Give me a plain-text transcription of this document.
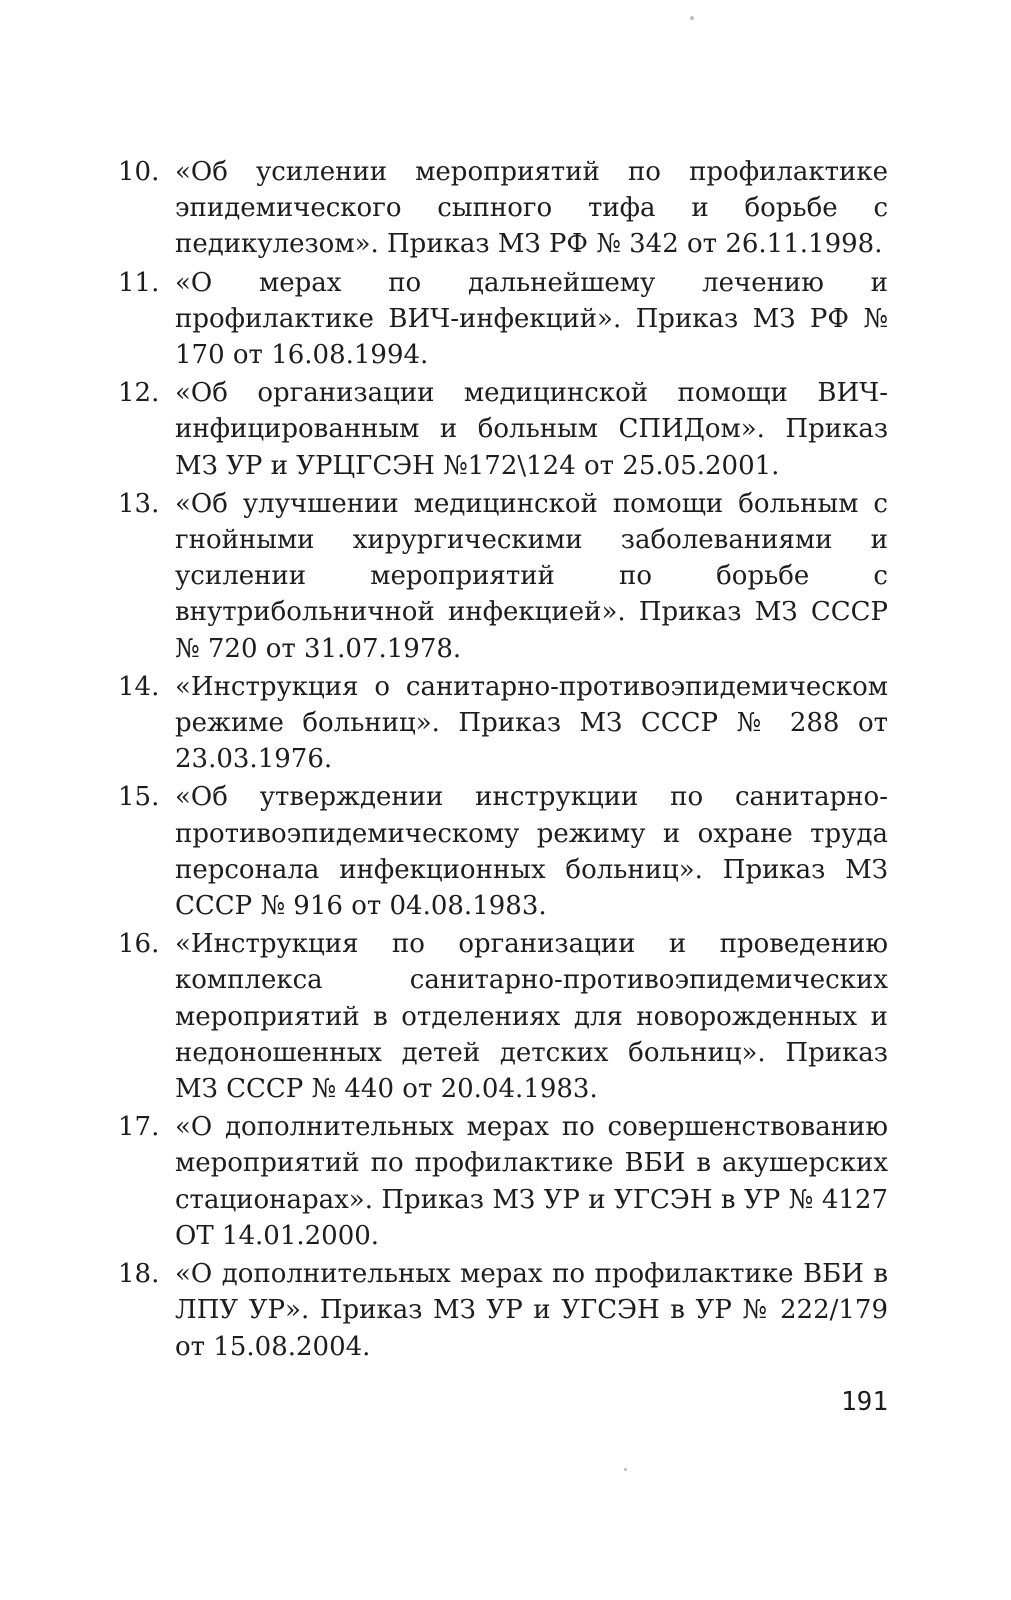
10. «Об усилении мероприятий по профилактике эпидемического сыпного тифа и борьбе с педикулезом». Приказ МЗ РФ № 342 от 26.11.1998.
11. «О мерах по дальнейшему лечению и профилактике ВИЧ-инфекций». Приказ МЗ РФ № 170 от 16.08.1994.
12. «Об организации медицинской помощи ВИЧ-инфицированным и больным СПИДом». Приказ МЗ УР и УРЦГСЭН №172\124 от 25.05.2001.
13. «Об улучшении медицинской помощи больным с гнойными хирургическими заболеваниями и усилении мероприятий по борьбе с внутрибольничной инфекцией». Приказ МЗ СССР № 720 от 31.07.1978.
14. «Инструкция о санитарно-противоэпидемическом режиме больниц». Приказ МЗ СССР № 288 от 23.03.1976.
15. «Об утверждении инструкции по санитарно-противоэпидемическому режиму и охране труда персонала инфекционных больниц». Приказ МЗ СССР № 916 от 04.08.1983.
16. «Инструкция по организации и проведению комплекса санитарно-противоэпидемических мероприятий в отделениях для новорожденных и недоношенных детей детских больниц». Приказ МЗ СССР № 440 от 20.04.1983.
17. «О дополнительных мерах по совершенствованию мероприятий по профилактике ВБИ в акушерских стационарах». Приказ МЗ УР и УГСЭН в УР № 4127 ОТ 14.01.2000.
18. «О дополнительных мерах по профилактике ВБИ в ЛПУ УР». Приказ МЗ УР и УГСЭН в УР № 222/179 от 15.08.2004.
191
